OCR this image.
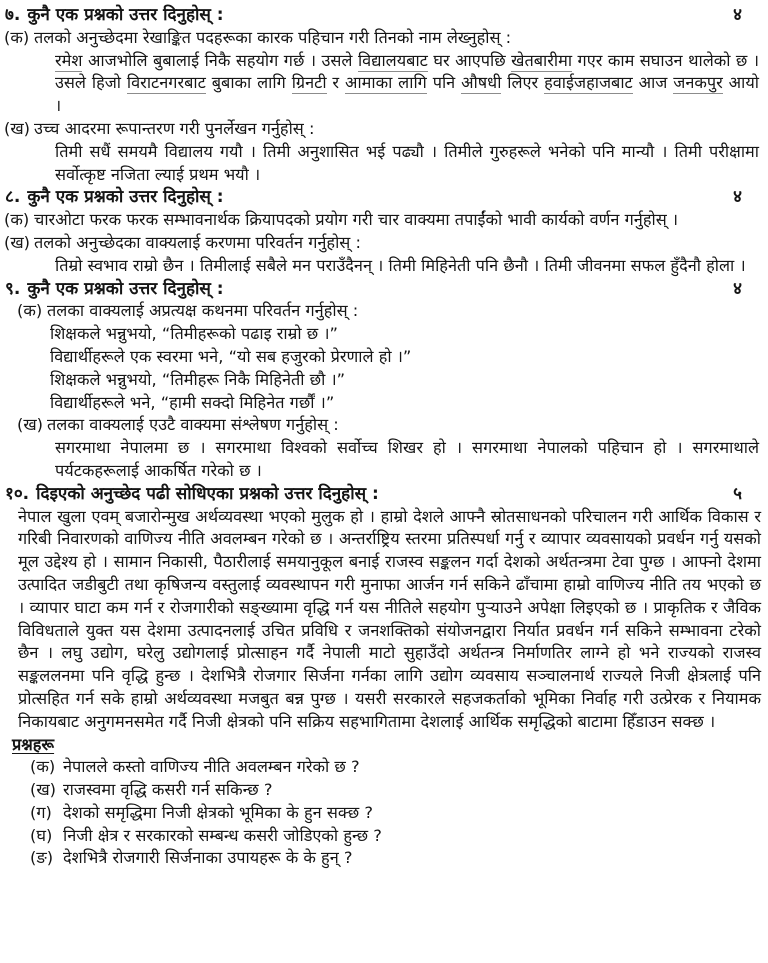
७. कुनै एक प्रश्नको उत्तर दिनुहोस् :	४
(क) तलको अनुच्छेदमा रेखाङ्कित पदहरूका कारक पहिचान गरी तिनको नाम लेख्नुहोस् :
रमेश आजभोलि बुबालाई निकै सहयोग गर्छ । उसले विद्यालयबाट घर आएपछि खेतबारीमा गएर काम सघाउन थालेको छ । उसले हिजो विराटनगरबाट बुबाका लागि ग्रिनटी र आमाका लागि पनि औषधी लिएर हवाईजहाजबाट आज जनकपुर आयो ।
(ख) उच्च आदरमा रूपान्तरण गरी पुनर्लेखन गर्नुहोस् :
तिमी सधैं समयमै विद्यालय गयौ । तिमी अनुशासित भई पढ्यौ । तिमीले गुरुहरूले भनेको पनि मान्यौ । तिमी परीक्षामा सर्वोत्कृष्ट नजिता ल्याई प्रथम भयौ ।
८. कुनै एक प्रश्नको उत्तर दिनुहोस् :	४
(क) चारओटा फरक फरक सम्भावनार्थक क्रियापदको प्रयोग गरी चार वाक्यमा तपाईंको भावी कार्यको वर्णन गर्नुहोस् ।
(ख) तलको अनुच्छेदका वाक्यलाई करणमा परिवर्तन गर्नुहोस् :
तिम्रो स्वभाव राम्रो छैन । तिमीलाई सबैले मन पराउँदैनन् । तिमी मिहिनेती पनि छैनौ । तिमी जीवनमा सफल हुँदैनौ होला ।
९. कुनै एक प्रश्नको उत्तर दिनुहोस् :	४
(क) तलका वाक्यलाई अप्रत्यक्ष कथनमा परिवर्तन गर्नुहोस् :
शिक्षकले भन्नुभयो, “तिमीहरूको पढाइ राम्रो छ ।”
विद्यार्थीहरूले एक स्वरमा भने, “यो सब हजुरको प्रेरणाले हो ।”
शिक्षकले भन्नुभयो, “तिमीहरू निकै मिहिनेती छौ ।”
विद्यार्थीहरूले भने, “हामी सक्दो मिहिनेत गर्छौं ।”
(ख) तलका वाक्यलाई एउटै वाक्यमा संश्लेषण गर्नुहोस् :
सगरमाथा नेपालमा छ । सगरमाथा विश्वको सर्वोच्च शिखर हो । सगरमाथा नेपालको पहिचान हो । सगरमाथाले पर्यटकहरूलाई आकर्षित गरेको छ ।
१०. दिइएको अनुच्छेद पढी सोधिएका प्रश्नको उत्तर दिनुहोस् :	५
नेपाल खुला एवम् बजारोन्मुख अर्थव्यवस्था भएको मुलुक हो । हाम्रो देशले आफ्नै स्रोतसाधनको परिचालन गरी आर्थिक विकास र गरिबी निवारणको वाणिज्य नीति अवलम्बन गरेको छ । अन्तर्राष्ट्रिय स्तरमा प्रतिस्पर्धा गर्नु र व्यापार व्यवसायको प्रवर्धन गर्नु यसको मूल उद्देश्य हो । सामान निकासी, पैठारीलाई समयानुकूल बनाई राजस्व सङ्कलन गर्दा देशको अर्थतन्त्रमा टेवा पुग्छ । आफ्नो देशमा उत्पादित जडीबुटी तथा कृषिजन्य वस्तुलाई व्यवस्थापन गरी मुनाफा आर्जन गर्न सकिने ढाँचामा हाम्रो वाणिज्य नीति तय भएको छ । व्यापार घाटा कम गर्न र रोजगारीको सङ्ख्यामा वृद्धि गर्न यस नीतिले सहयोग पुऱ्याउने अपेक्षा लिइएको छ । प्राकृतिक र जैविक विविधताले युक्त यस देशमा उत्पादनलाई उचित प्रविधि र जनशक्तिको संयोजनद्वारा निर्यात प्रवर्धन गर्न सकिने सम्भावना टरेको छैन । लघु उद्योग, घरेलु उद्योगलाई प्रोत्साहन गर्दै नेपाली माटो सुहाउँदो अर्थतन्त्र निर्माणतिर लाग्ने हो भने राज्यको राजस्व सङ्कललनमा पनि वृद्धि हुन्छ । देशभित्रै रोजगार सिर्जना गर्नका लागि उद्योग व्यवसाय सञ्चालनार्थ राज्यले निजी क्षेत्रलाई पनि प्रोत्सहित गर्न सके हाम्रो अर्थव्यवस्था मजबुत बन्न पुग्छ । यसरी सरकारले सहजकर्ताको भूमिका निर्वाह गरी उत्प्रेरक र नियामक निकायबाट अनुगमनसमेत गर्दै निजी क्षेत्रको पनि सक्रिय सहभागितामा देशलाई आर्थिक समृद्धिको बाटामा हिँडाउन सक्छ ।
प्रश्नहरू
(क) नेपालले कस्तो वाणिज्य नीति अवलम्बन गरेको छ ?
(ख) राजस्वमा वृद्धि कसरी गर्न सकिन्छ ?
(ग) देशको समृद्धिमा निजी क्षेत्रको भूमिका के हुन सक्छ ?
(घ) निजी क्षेत्र र सरकारको सम्बन्ध कसरी जोडिएको हुन्छ ?
(ङ) देशभित्रै रोजगारी सिर्जनाका उपायहरू के के हुन् ?
